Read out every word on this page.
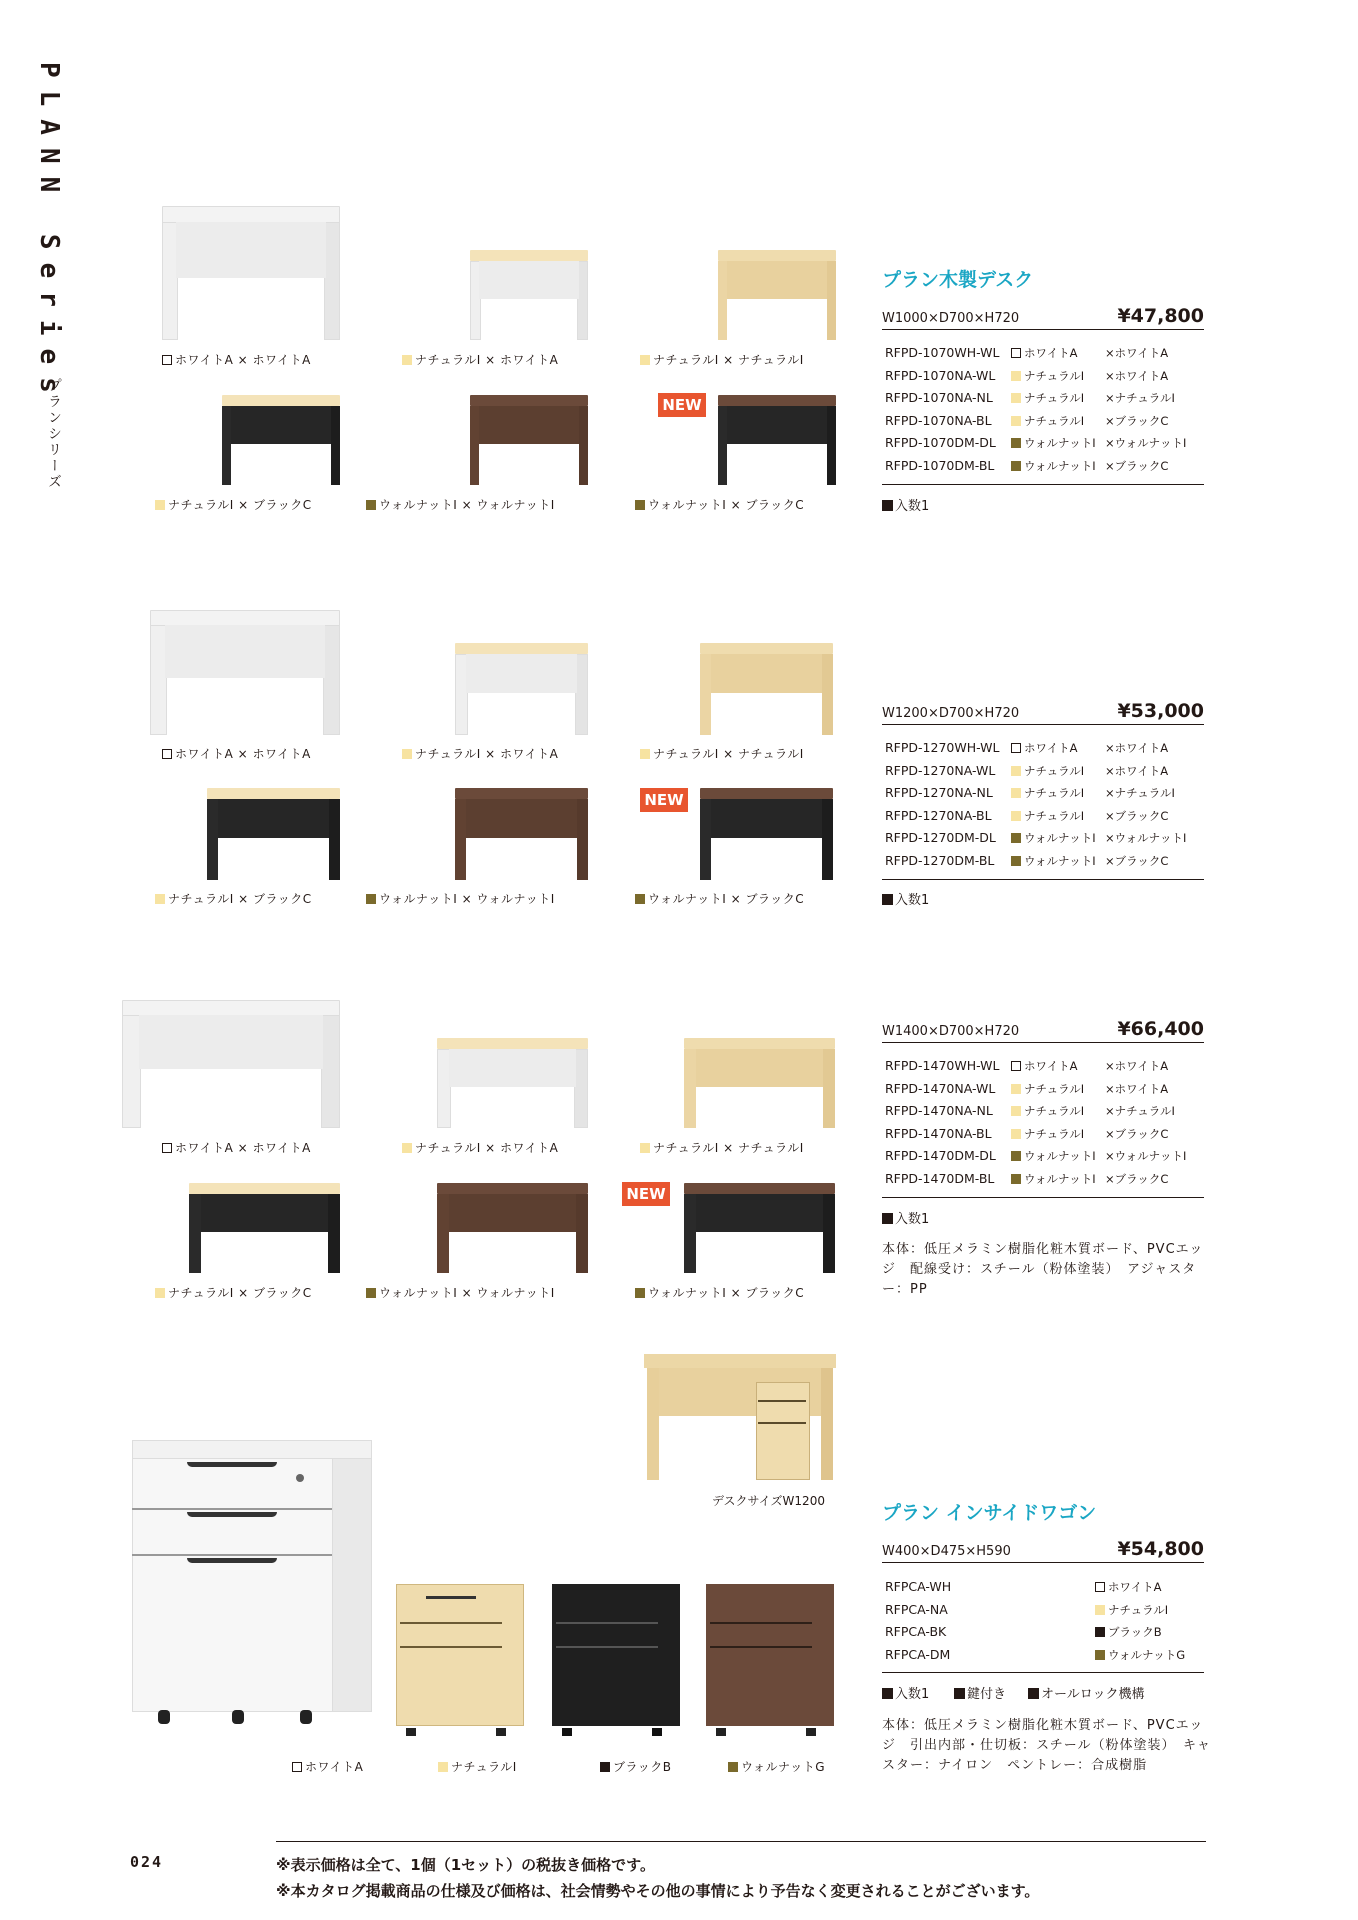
PLANN Series
プランシリーズ
ホワイトA × ホワイトA	ナチュラルI × ホワイトA	ナチュラルI × ナチュラルI
ナチュラルI × ブラックC	ウォルナットI × ウォルナットI
NEW
ウォルナットI × ブラックC
ホワイトA × ホワイトA	ナチュラルI × ホワイトA	ナチュラルI × ナチュラルI
ナチュラルI × ブラックC	ウォルナットI × ウォルナットI
NEW
ウォルナットI × ブラックC
ホワイトA × ホワイトA	ナチュラルI × ホワイトA	ナチュラルI × ナチュラルI
ナチュラルI × ブラックC	ウォルナットI × ウォルナットI
NEW
ウォルナットI × ブラックC
プラン木製デスク
W1000×D700×H720	¥47,800
RFPD-1070WH-WL	ホワイトA ×ホワイトA
RFPD-1070NA-WL	ナチュラルI ×ホワイトA
RFPD-1070NA-NL	ナチュラルI ×ナチュラルI
RFPD-1070NA-BL	ナチュラルI ×ブラックC
RFPD-1070DM-DL	ウォルナットI ×ウォルナットI
RFPD-1070DM-BL	ウォルナットI ×ブラックC
入数1
W1200×D700×H720	¥53,000
RFPD-1270WH-WL	ホワイトA ×ホワイトA
RFPD-1270NA-WL	ナチュラルI ×ホワイトA
RFPD-1270NA-NL	ナチュラルI ×ナチュラルI
RFPD-1270NA-BL	ナチュラルI ×ブラックC
RFPD-1270DM-DL	ウォルナットI ×ウォルナットI
RFPD-1270DM-BL	ウォルナットI ×ブラックC
入数1
W1400×D700×H720	¥66,400
RFPD-1470WH-WL	ホワイトA ×ホワイトA
RFPD-1470NA-WL	ナチュラルI ×ホワイトA
RFPD-1470NA-NL	ナチュラルI ×ナチュラルI
RFPD-1470NA-BL	ナチュラルI ×ブラックC
RFPD-1470DM-DL	ウォルナットI ×ウォルナットI
RFPD-1470DM-BL	ウォルナットI ×ブラックC
入数1
本体：低圧メラミン樹脂化粧木質ボード、PVCエッジ　配線受け：スチール（粉体塗装）　アジャスター：PP
デスクサイズW1200
ホワイトA	ナチュラルI	ブラックB	ウォルナットG
プラン インサイドワゴン
W400×D475×H590	¥54,800
RFPCA-WH	ホワイトA
RFPCA-NA	ナチュラルI
RFPCA-BK	ブラックB
RFPCA-DM	ウォルナットG
入数1	鍵付き	オールロック機構
本体：低圧メラミン樹脂化粧木質ボード、PVCエッジ　引出内部・仕切板：スチール（粉体塗装）　キャスター：ナイロン　ペントレー：合成樹脂
024	※表示価格は全て、1個（1セット）の税抜き価格です。
※本カタログ掲載商品の仕様及び価格は、社会情勢やその他の事情により予告なく変更されることがございます。
